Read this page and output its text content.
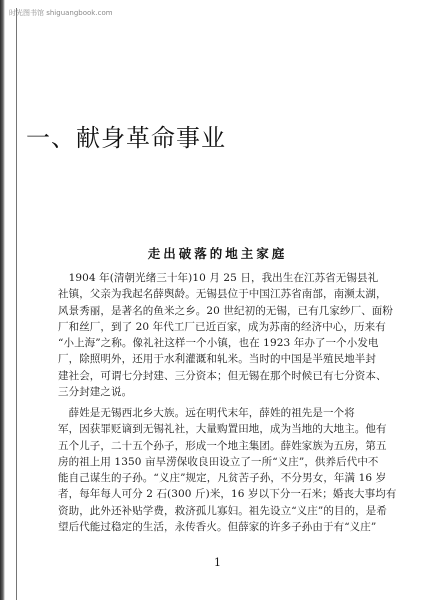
时光图书馆 shiguangbook.com
一、献身革命事业
走出破落的地主家庭

　1904 年(清朝光绪三十年)10 月 25 日，我出生在江苏省无锡县礼
社镇，父亲为我起名薛舆龄。无锡县位于中国江苏省南部，南濒太湖，
风景秀丽，是著名的鱼米之乡。20 世纪初的无锡，已有几家纱厂、面粉
厂和丝厂，到了 20 年代工厂已近百家，成为苏南的经济中心，历来有
“小上海”之称。像礼社这样一个小镇，也在 1923 年办了一个小发电
厂，除照明外，还用于水利灌溉和轧米。当时的中国是半殖民地半封
建社会，可谓七分封建、三分资本；但无锡在那个时候已有七分资本、
三分封建之说。

　薛姓是无锡西北乡大族。远在明代末年，薛姓的祖先是一个将
军，因获罪贬谪到无锡礼社，大量购置田地，成为当地的大地主。他有
五个儿子，二十五个孙子，形成一个地主集团。薛姓家族为五房，第五
房的祖上用 1350 亩旱涝保收良田设立了一所“义庄”，供养后代中不
能自己谋生的子孙。“义庄”规定，凡贫苦子孙，不分男女，年满 16 岁
者，每年每人可分 2 石(300 斤)米，16 岁以下分一石米；婚丧大事均有
资助，此外还补贴学费，救济孤儿寡妇。祖先设立“义庄”的目的，是希
望后代能过稳定的生活，永传香火。但薛家的许多子孙由于有“义庄”

1
